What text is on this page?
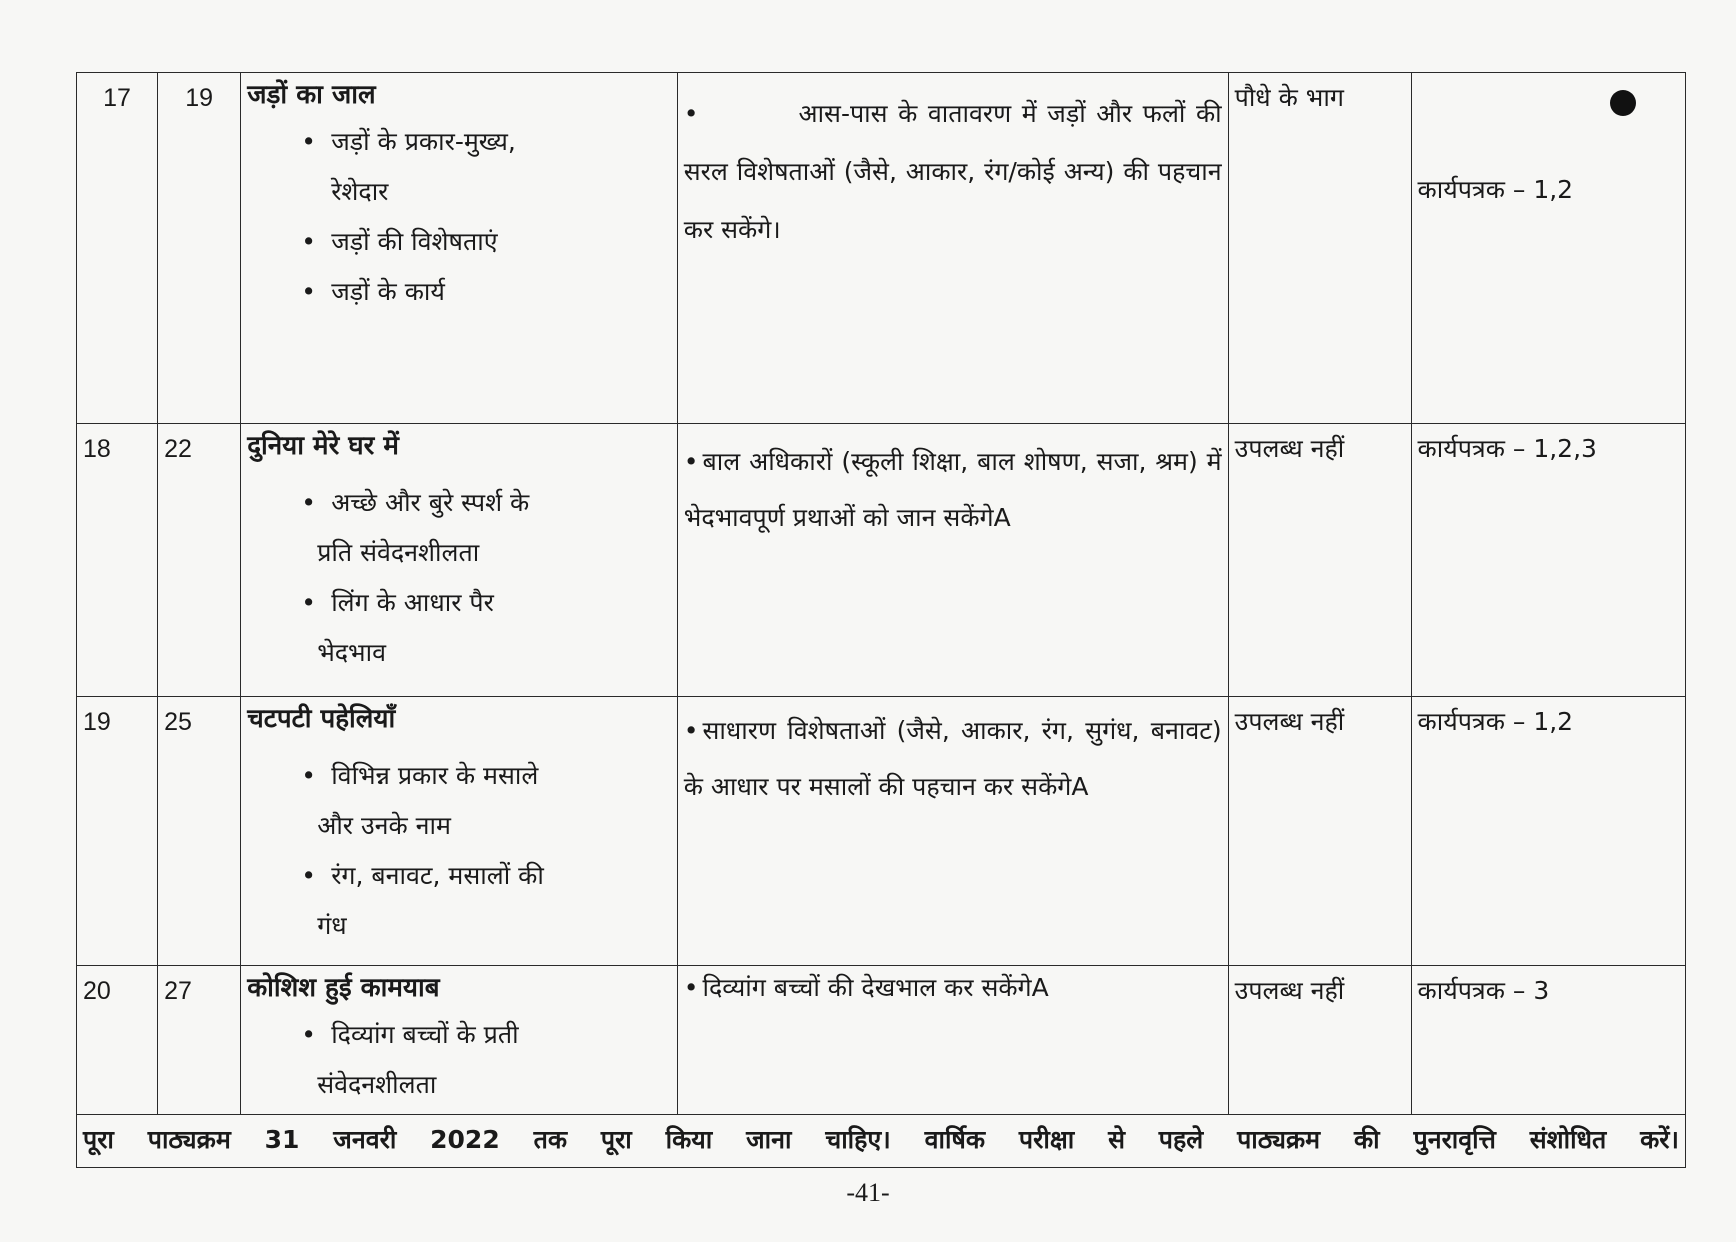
17	19	जड़ों का जाल
• जड़ों के प्रकार-मुख्य,
रेशेदार
• जड़ों की विशेषताएं
• जड़ों के कार्य	• आस-पास के वातावरण में जड़ों और फलों की सरल विशेषताओं (जैसे, आकार, रंग/कोई अन्य) की पहचान कर सकेंगे।	पौधे के भाग	कार्यपत्रक – 1,2
18	22	दुनिया मेरे घर में
• अच्छे और बुरे स्पर्श के
प्रति संवेदनशीलता
• लिंग के आधार पैर
भेदभाव	• बाल अधिकारों (स्कूली शिक्षा, बाल शोषण, सजा, श्रम) में भेदभावपूर्ण प्रथाओं को जान सकेंगेA	उपलब्ध नहीं	कार्यपत्रक – 1,2,3
19	25	चटपटी पहेलियाँ
• विभिन्न प्रकार के मसाले
और उनके नाम
• रंग, बनावट, मसालों की
गंध	• साधारण विशेषताओं (जैसे, आकार, रंग, सुगंध, बनावट) के आधार पर मसालों की पहचान कर सकेंगेA	उपलब्ध नहीं	कार्यपत्रक – 1,2
20	27	कोशिश हुई कामयाब
• दिव्यांग बच्चों के प्रती
संवेदनशीलता	• दिव्यांग बच्चों की देखभाल कर सकेंगेA	उपलब्ध नहीं	कार्यपत्रक – 3
पूरा पाठ्यक्रम 31 जनवरी 2022 तक पूरा किया जाना चाहिए। वार्षिक परीक्षा से पहले पाठ्यक्रम की पुनरावृत्ति संशोधित करें।					
-41-
